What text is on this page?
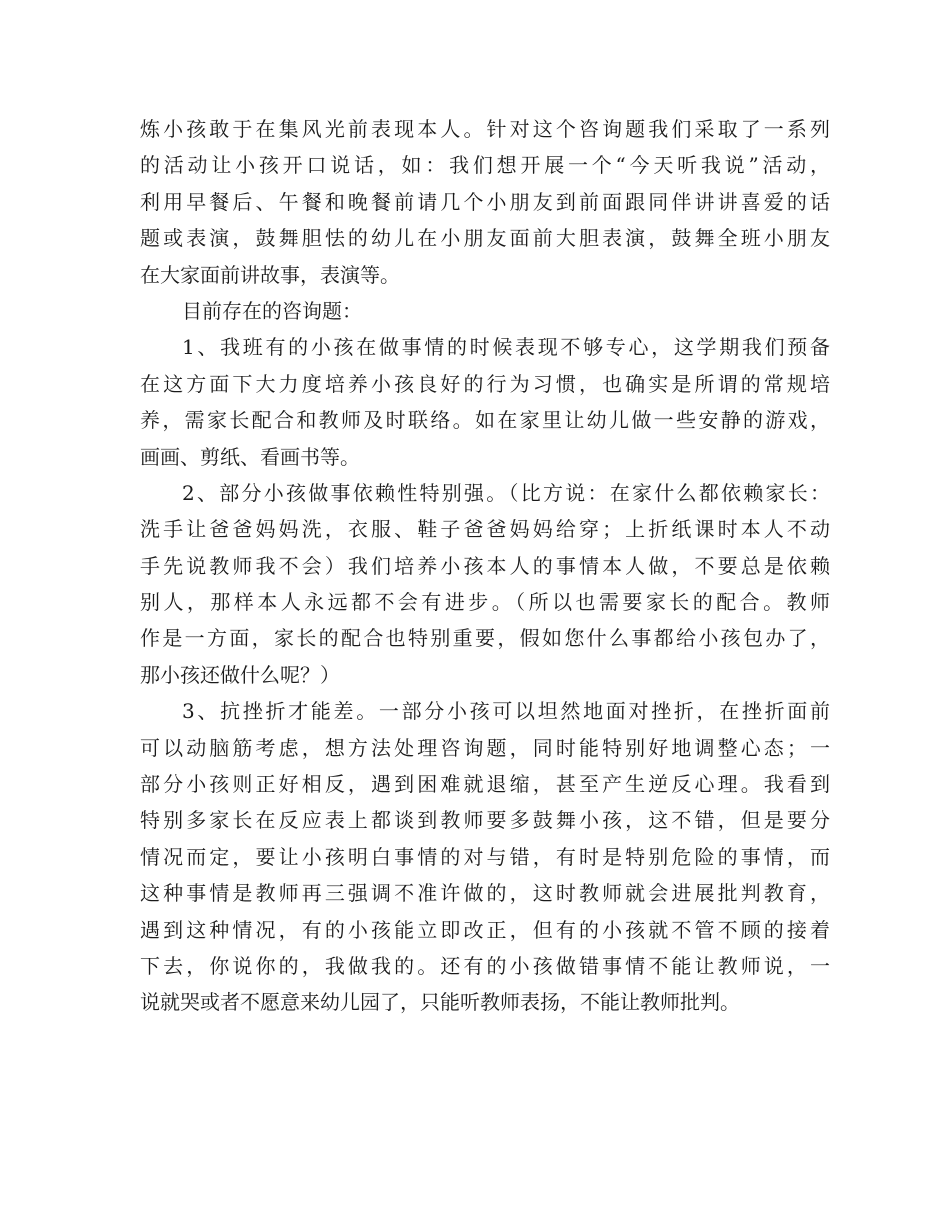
炼小孩敢于在集风光前表现本人。针对这个咨询题我们采取了一系列
的活动让小孩开口说话，如：我们想开展一个“今天听我说”活动，
利用早餐后、午餐和晚餐前请几个小朋友到前面跟同伴讲讲喜爱的话
题或表演，鼓舞胆怯的幼儿在小朋友面前大胆表演，鼓舞全班小朋友
在大家面前讲故事，表演等。
目前存在的咨询题：
1、我班有的小孩在做事情的时候表现不够专心，这学期我们预备
在这方面下大力度培养小孩良好的行为习惯，也确实是所谓的常规培
养，需家长配合和教师及时联络。如在家里让幼儿做一些安静的游戏，
画画、剪纸、看画书等。
2、部分小孩做事依赖性特别强。（比方说：在家什么都依赖家长：
洗手让爸爸妈妈洗，衣服、鞋子爸爸妈妈给穿；上折纸课时本人不动
手先说教师我不会）我们培养小孩本人的事情本人做，不要总是依赖
别人，那样本人永远都不会有进步。（所以也需要家长的配合。教师
作是一方面，家长的配合也特别重要，假如您什么事都给小孩包办了，
那小孩还做什么呢？）
3、抗挫折才能差。一部分小孩可以坦然地面对挫折，在挫折面前
可以动脑筋考虑，想方法处理咨询题，同时能特别好地调整心态；一
部分小孩则正好相反，遇到困难就退缩，甚至产生逆反心理。我看到
特别多家长在反应表上都谈到教师要多鼓舞小孩，这不错，但是要分
情况而定，要让小孩明白事情的对与错，有时是特别危险的事情，而
这种事情是教师再三强调不准许做的，这时教师就会进展批判教育，
遇到这种情况，有的小孩能立即改正，但有的小孩就不管不顾的接着
下去，你说你的，我做我的。还有的小孩做错事情不能让教师说，一
说就哭或者不愿意来幼儿园了，只能听教师表扬，不能让教师批判。
